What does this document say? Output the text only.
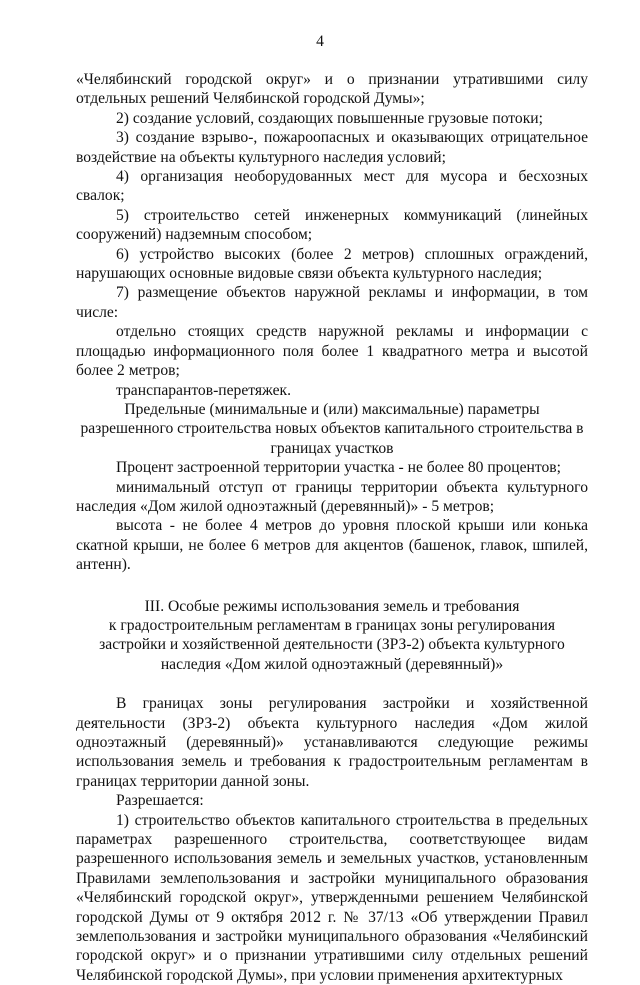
4

«Челябинский городской округ» и о признании утратившими силу отдельных решений Челябинской городской Думы»;

2) создание условий, создающих повышенные грузовые потоки;

3) создание взрыво-, пожароопасных и оказывающих отрицательное воздействие на объекты культурного наследия условий;

4) организация необорудованных мест для мусора и бесхозных свалок;

5) строительство сетей инженерных коммуникаций (линейных сооружений) надземным способом;

6) устройство высоких (более 2 метров) сплошных ограждений, нарушающих основные видовые связи объекта культурного наследия;

7) размещение объектов наружной рекламы и информации, в том числе:

отдельно стоящих средств наружной рекламы и информации с площадью информационного поля более 1 квадратного метра и высотой более 2 метров;

транспарантов-перетяжек.

Предельные (минимальные и (или) максимальные) параметры разрешенного строительства новых объектов капитального строительства в границах участков

Процент застроенной территории участка - не более 80 процентов;

минимальный отступ от границы территории объекта культурного наследия «Дом жилой одноэтажный (деревянный)» - 5 метров;

высота - не более 4 метров до уровня плоской крыши или конька скатной крыши, не более 6 метров для акцентов (башенок, главок, шпилей, антенн).

III. Особые режимы использования земель и требования

к градостроительным регламентам в границах зоны регулирования

застройки и хозяйственной деятельности (ЗРЗ-2) объекта культурного

наследия «Дом жилой одноэтажный (деревянный)»

В границах зоны регулирования застройки и хозяйственной деятельности (ЗРЗ-2) объекта культурного наследия «Дом жилой одноэтажный (деревянный)» устанавливаются следующие режимы использования земель и требования к градостроительным регламентам в границах территории данной зоны.

Разрешается:

1) строительство объектов капитального строительства в предельных параметрах разрешенного строительства, соответствующее видам разрешенного использования земель и земельных участков, установленным Правилами землепользования и застройки муниципального образования «Челябинский городской округ», утвержденными решением Челябинской городской Думы от 9 октября 2012 г. № 37/13 «Об утверждении Правил землепользования и застройки муниципального образования «Челябинский городской округ» и о признании утратившими силу отдельных решений Челябинской городской Думы», при условии применения архитектурных
